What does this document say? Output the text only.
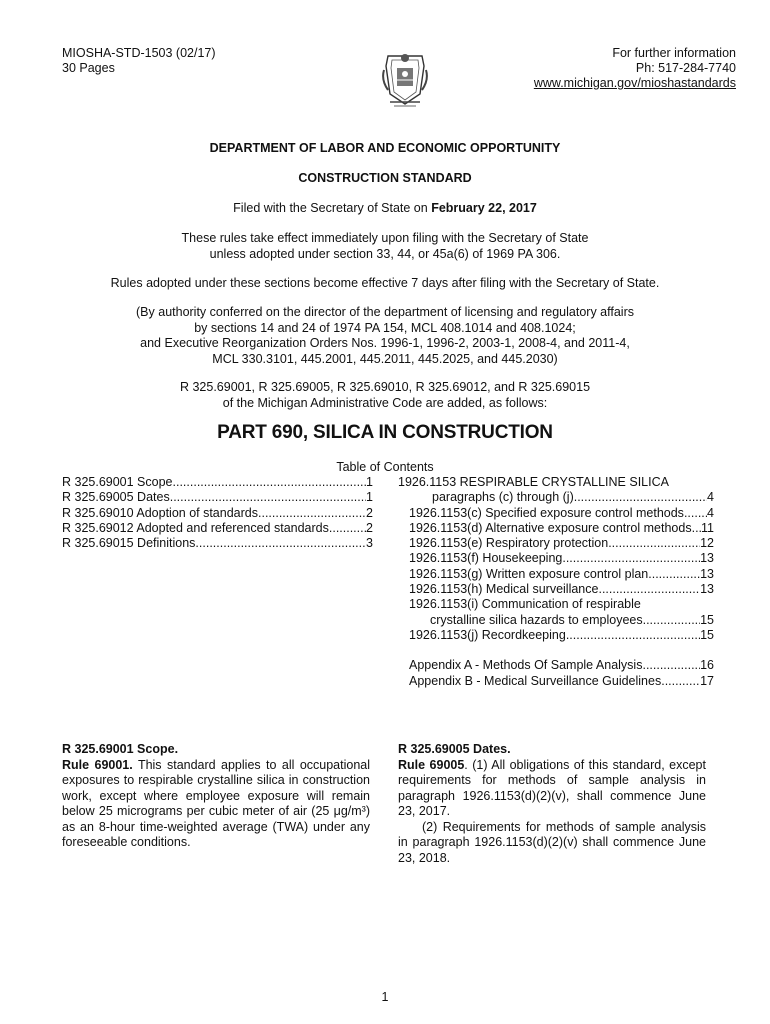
MIOSHA-STD-1503 (02/17)
30 Pages
For further information
Ph: 517-284-7740
www.michigan.gov/mioshastandards
DEPARTMENT OF LABOR AND ECONOMIC OPPORTUNITY
CONSTRUCTION STANDARD
Filed with the Secretary of State on February 22, 2017
These rules take effect immediately upon filing with the Secretary of State
unless adopted under section 33, 44, or 45a(6) of 1969 PA 306.
Rules adopted under these sections become effective 7 days after filing with the Secretary of State.
(By authority conferred on the director of the department of licensing and regulatory affairs
by sections 14 and 24 of 1974 PA 154, MCL 408.1014 and 408.1024;
and Executive Reorganization Orders Nos. 1996-1, 1996-2, 2003-1, 2008-4, and 2011-4,
MCL 330.3101, 445.2001, 445.2011, 445.2025, and 445.2030)
R 325.69001, R 325.69005, R 325.69010, R 325.69012, and R 325.69015
of the Michigan Administrative Code are added, as follows:
PART 690, SILICA IN CONSTRUCTION
Table of Contents
R 325.69001 Scope. .....	1
R 325.69005 Dates. .....	1
R 325.69010 Adoption of standards. .....	2
R 325.69012 Adopted and referenced standards. .....	2
R 325.69015 Definitions. .....	3
1926.1153 RESPIRABLE CRYSTALLINE SILICA
paragraphs (c) through (j) .....	4
1926.1153(c) Specified exposure control methods ..... 4
1926.1153(d) Alternative exposure control methods ..... 11
1926.1153(e) Respiratory protection .....	12
1926.1153(f) Housekeeping .....	13
1926.1153(g) Written exposure control plan .....	13
1926.1153(h) Medical surveillance .....	13
1926.1153(i) Communication of respirable
crystalline silica hazards to employees .....	15
1926.1153(j) Recordkeeping .....	15
Appendix A - Methods Of Sample Analysis .....	16
Appendix B - Medical Surveillance Guidelines .....	17

R 325.69001 Scope.

Rule 69001. This standard applies to all occupational exposures to respirable crystalline silica in construction work, except where employee exposure will remain below 25 micrograms per cubic meter of air (25 μg/m³) as an 8-hour time-weighted average (TWA) under any foreseeable conditions.

R 325.69005 Dates.

Rule 69005. (1) All obligations of this standard, except requirements for methods of sample analysis in paragraph 1926.1153(d)(2)(v), shall commence June 23, 2017.

(2) Requirements for methods of sample analysis in paragraph 1926.1153(d)(2)(v) shall commence June 23, 2018.

1
